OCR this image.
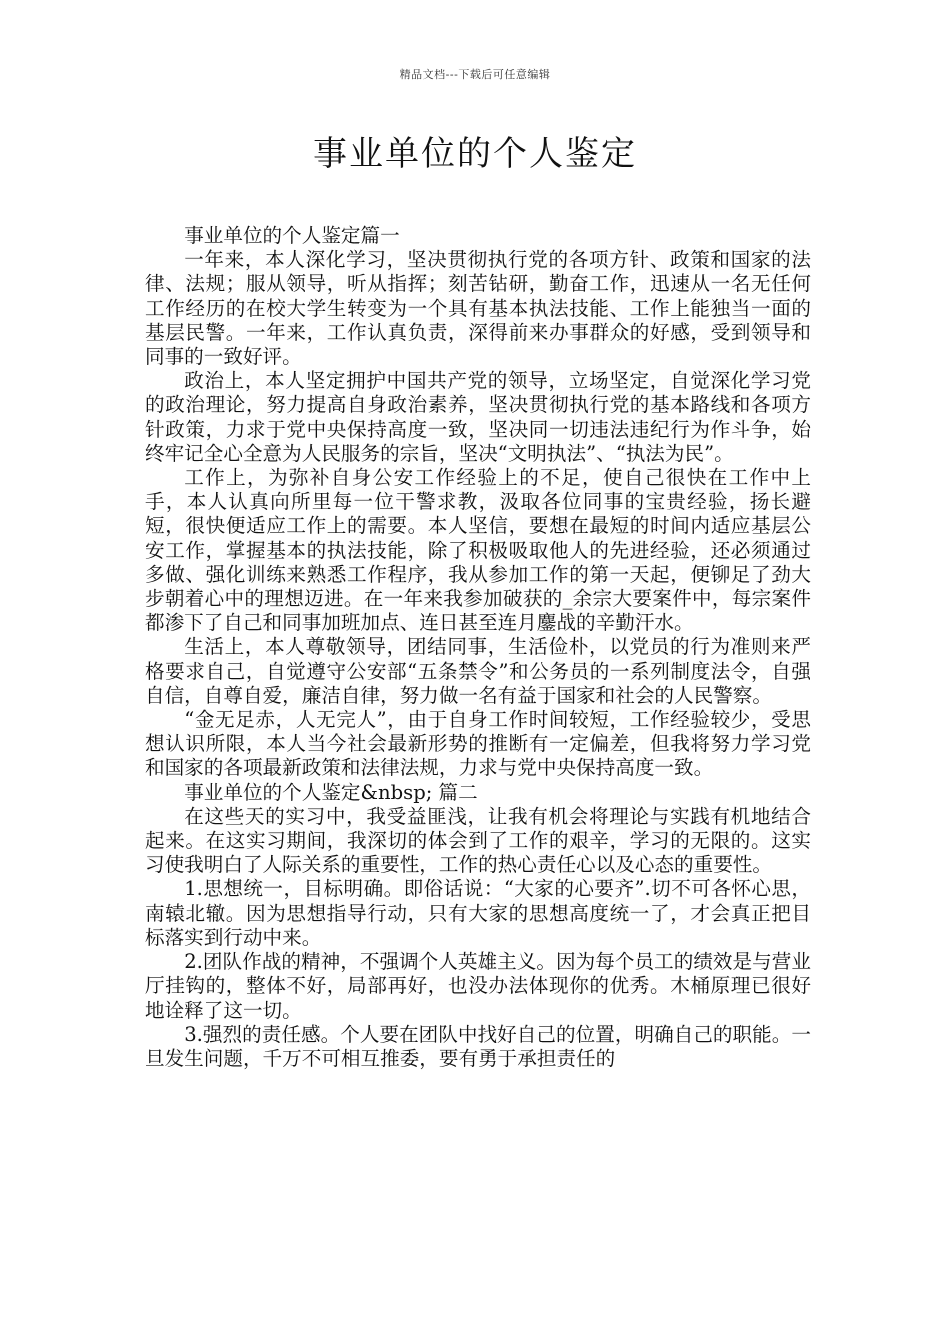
精品文档---下载后可任意编辑
事业单位的个人鉴定

事业单位的个人鉴定篇一

一年来，本人深化学习，坚决贯彻执行党的各项方针、政策和国家的法律、法规；服从领导，听从指挥；刻苦钻研，勤奋工作，迅速从一名无任何工作经历的在校大学生转变为一个具有基本执法技能、工作上能独当一面的基层民警。一年来，工作认真负责，深得前来办事群众的好感，受到领导和同事的一致好评。

政治上，本人坚定拥护中国共产党的领导，立场坚定，自觉深化学习党的政治理论，努力提高自身政治素养，坚决贯彻执行党的基本路线和各项方针政策，力求于党中央保持高度一致，坚决同一切违法违纪行为作斗争，始终牢记全心全意为人民服务的宗旨，坚决“文明执法”、“执法为民”。

工作上，为弥补自身公安工作经验上的不足，使自己很快在工作中上手，本人认真向所里每一位干警求教，汲取各位同事的宝贵经验，扬长避短，很快便适应工作上的需要。本人坚信，要想在最短的时间内适应基层公安工作，掌握基本的执法技能，除了积极吸取他人的先进经验，还必须通过多做、强化训练来熟悉工作程序，我从参加工作的第一天起，便铆足了劲大步朝着心中的理想迈进。在一年来我参加破获的_余宗大要案件中，每宗案件都渗下了自己和同事加班加点、连日甚至连月鏖战的辛勤汗水。

生活上，本人尊敬领导，团结同事，生活俭朴，以党员的行为准则来严格要求自己，自觉遵守公安部“五条禁令”和公务员的一系列制度法令，自强自信，自尊自爱，廉洁自律，努力做一名有益于国家和社会的人民警察。

“金无足赤，人无完人”，由于自身工作时间较短，工作经验较少，受思想认识所限，本人当今社会最新形势的推断有一定偏差，但我将努力学习党和国家的各项最新政策和法律法规，力求与党中央保持高度一致。

事业单位的个人鉴定&nbsp; 篇二

在这些天的实习中，我受益匪浅，让我有机会将理论与实践有机地结合起来。在这实习期间，我深切的体会到了工作的艰辛，学习的无限的。这实习使我明白了人际关系的重要性，工作的热心责任心以及心态的重要性。

1.思想统一，目标明确。即俗话说：“大家的心要齐”.切不可各怀心思，南辕北辙。因为思想指导行动，只有大家的思想高度统一了，才会真正把目标落实到行动中来。

2.团队作战的精神，不强调个人英雄主义。因为每个员工的绩效是与营业厅挂钩的，整体不好，局部再好，也没办法体现你的优秀。木桶原理已很好地诠释了这一切。

3.强烈的责任感。个人要在团队中找好自己的位置，明确自己的职能。一旦发生问题，千万不可相互推委，要有勇于承担责任的
